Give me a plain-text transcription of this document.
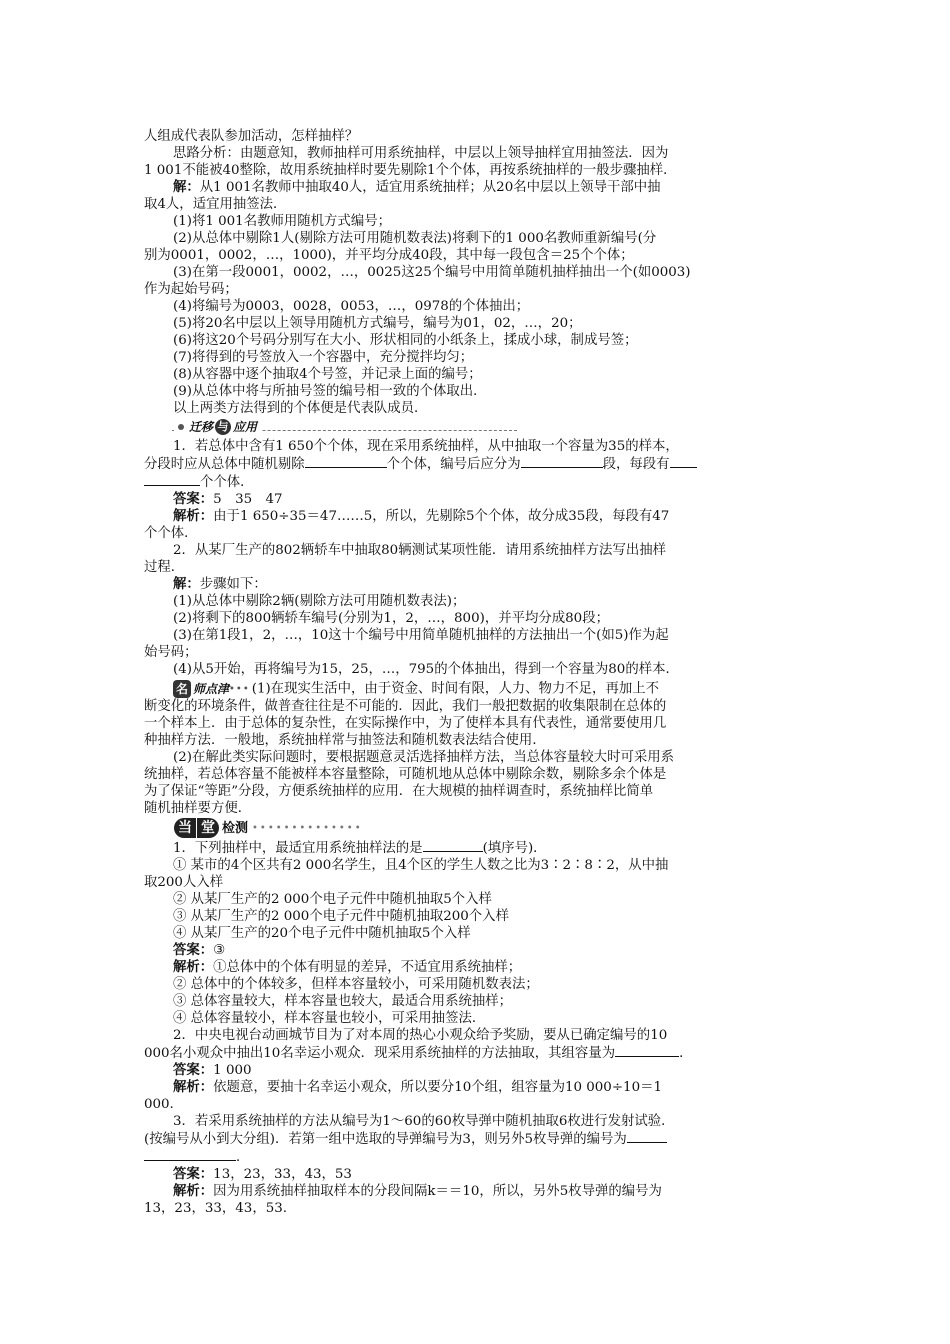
人组成代表队参加活动，怎样抽样？

思路分析：由题意知，教师抽样可用系统抽样，中层以上领导抽样宜用抽签法．因为

1 001不能被40整除，故用系统抽样时要先剔除1个个体，再按系统抽样的一般步骤抽样．

解：从1 001名教师中抽取40人，适宜用系统抽样；从20名中层以上领导干部中抽

取4人，适宜用抽签法．

(1)将1 001名教师用随机方式编号；

(2)从总体中剔除1人(剔除方法可用随机数表法)将剩下的1 000名教师重新编号(分

别为0001，0002，…，1000)，并平均分成40段，其中每一段包含＝25个个体；

(3)在第一段0001，0002，…，0025这25个编号中用简单随机抽样抽出一个(如0003)

作为起始号码；

(4)将编号为0003，0028，0053，…，0978的个体抽出；

(5)将20名中层以上领导用随机方式编号，编号为01，02，…，20；

(6)将这20个号码分别写在大小、形状相同的小纸条上，揉成小球，制成号签；

(7)将得到的号签放入一个容器中，充分搅拌均匀；

(8)从容器中逐个抽取4个号签，并记录上面的编号；

(9)从总体中将与所抽号签的编号相一致的个体取出．

以上两类方法得到的个体便是代表队成员．

迁移 与 应用

1．若总体中含有1 650个个体，现在采用系统抽样，从中抽取一个容量为35的样本，

分段时应从总体中随机剔除	个个体，编号后应分为	段，每段有

个个体．

答案：5　35　47

解析：由于1 650÷35＝47……5，所以，先剔除5个个体，故分成35段，每段有47

个个体．

2．从某厂生产的802辆轿车中抽取80辆测试某项性能．请用系统抽样方法写出抽样

过程．

解：步骤如下：

(1)从总体中剔除2辆(剔除方法可用随机数表法)；

(2)将剩下的800辆轿车编号(分别为1，2，…，800)，并平均分成80段；

(3)在第1段1，2，…，10这十个编号中用简单随机抽样的方法抽出一个(如5)作为起

始号码；

(4)从5开始，再将编号为15，25，…，795的个体抽出，得到一个容量为80的样本．

名 师点津 ••• (1)在现实生活中，由于资金、时间有限，人力、物力不足，再加上不

断变化的环境条件，做普查往往是不可能的．因此，我们一般把数据的收集限制在总体的

一个样本上．由于总体的复杂性，在实际操作中，为了使样本具有代表性，通常要使用几

种抽样方法．一般地，系统抽样常与抽签法和随机数表法结合使用．

(2)在解此类实际问题时，要根据题意灵活选择抽样方法，当总体容量较大时可采用系

统抽样，若总体容量不能被样本容量整除，可随机地从总体中剔除余数，剔除多余个体是

为了保证“等距”分段，方便系统抽样的应用．在大规模的抽样调查时，系统抽样比简单

随机抽样要方便．

当 堂 检测 ••••••••••••••

1．下列抽样中，最适宜用系统抽样法的是	(填序号)．

① 某市的4个区共有2 000名学生，且4个区的学生人数之比为3∶2∶8∶2，从中抽

取200人入样

② 从某厂生产的2 000个电子元件中随机抽取5个入样

③ 从某厂生产的2 000个电子元件中随机抽取200个入样

④ 从某厂生产的20个电子元件中随机抽取5个入样

答案：③

解析：①总体中的个体有明显的差异，不适宜用系统抽样；

② 总体中的个体较多，但样本容量较小，可采用随机数表法；

③ 总体容量较大，样本容量也较大，最适合用系统抽样；

④ 总体容量较小，样本容量也较小，可采用抽签法．

2．中央电视台动画城节目为了对本周的热心小观众给予奖励，要从已确定编号的10

000名小观众中抽出10名幸运小观众．现采用系统抽样的方法抽取，其组容量为	．

答案：1 000

解析：依题意，要抽十名幸运小观众，所以要分10个组，组容量为10 000÷10＝1

000.

3．若采用系统抽样的方法从编号为1～60的60枚导弹中随机抽取6枚进行发射试验．

(按编号从小到大分组)．若第一组中选取的导弹编号为3，则另外5枚导弹的编号为

．

答案：13，23，33，43，53

解析：因为用系统抽样抽取样本的分段间隔k＝＝10，所以，另外5枚导弹的编号为

13，23，33，43，53.
